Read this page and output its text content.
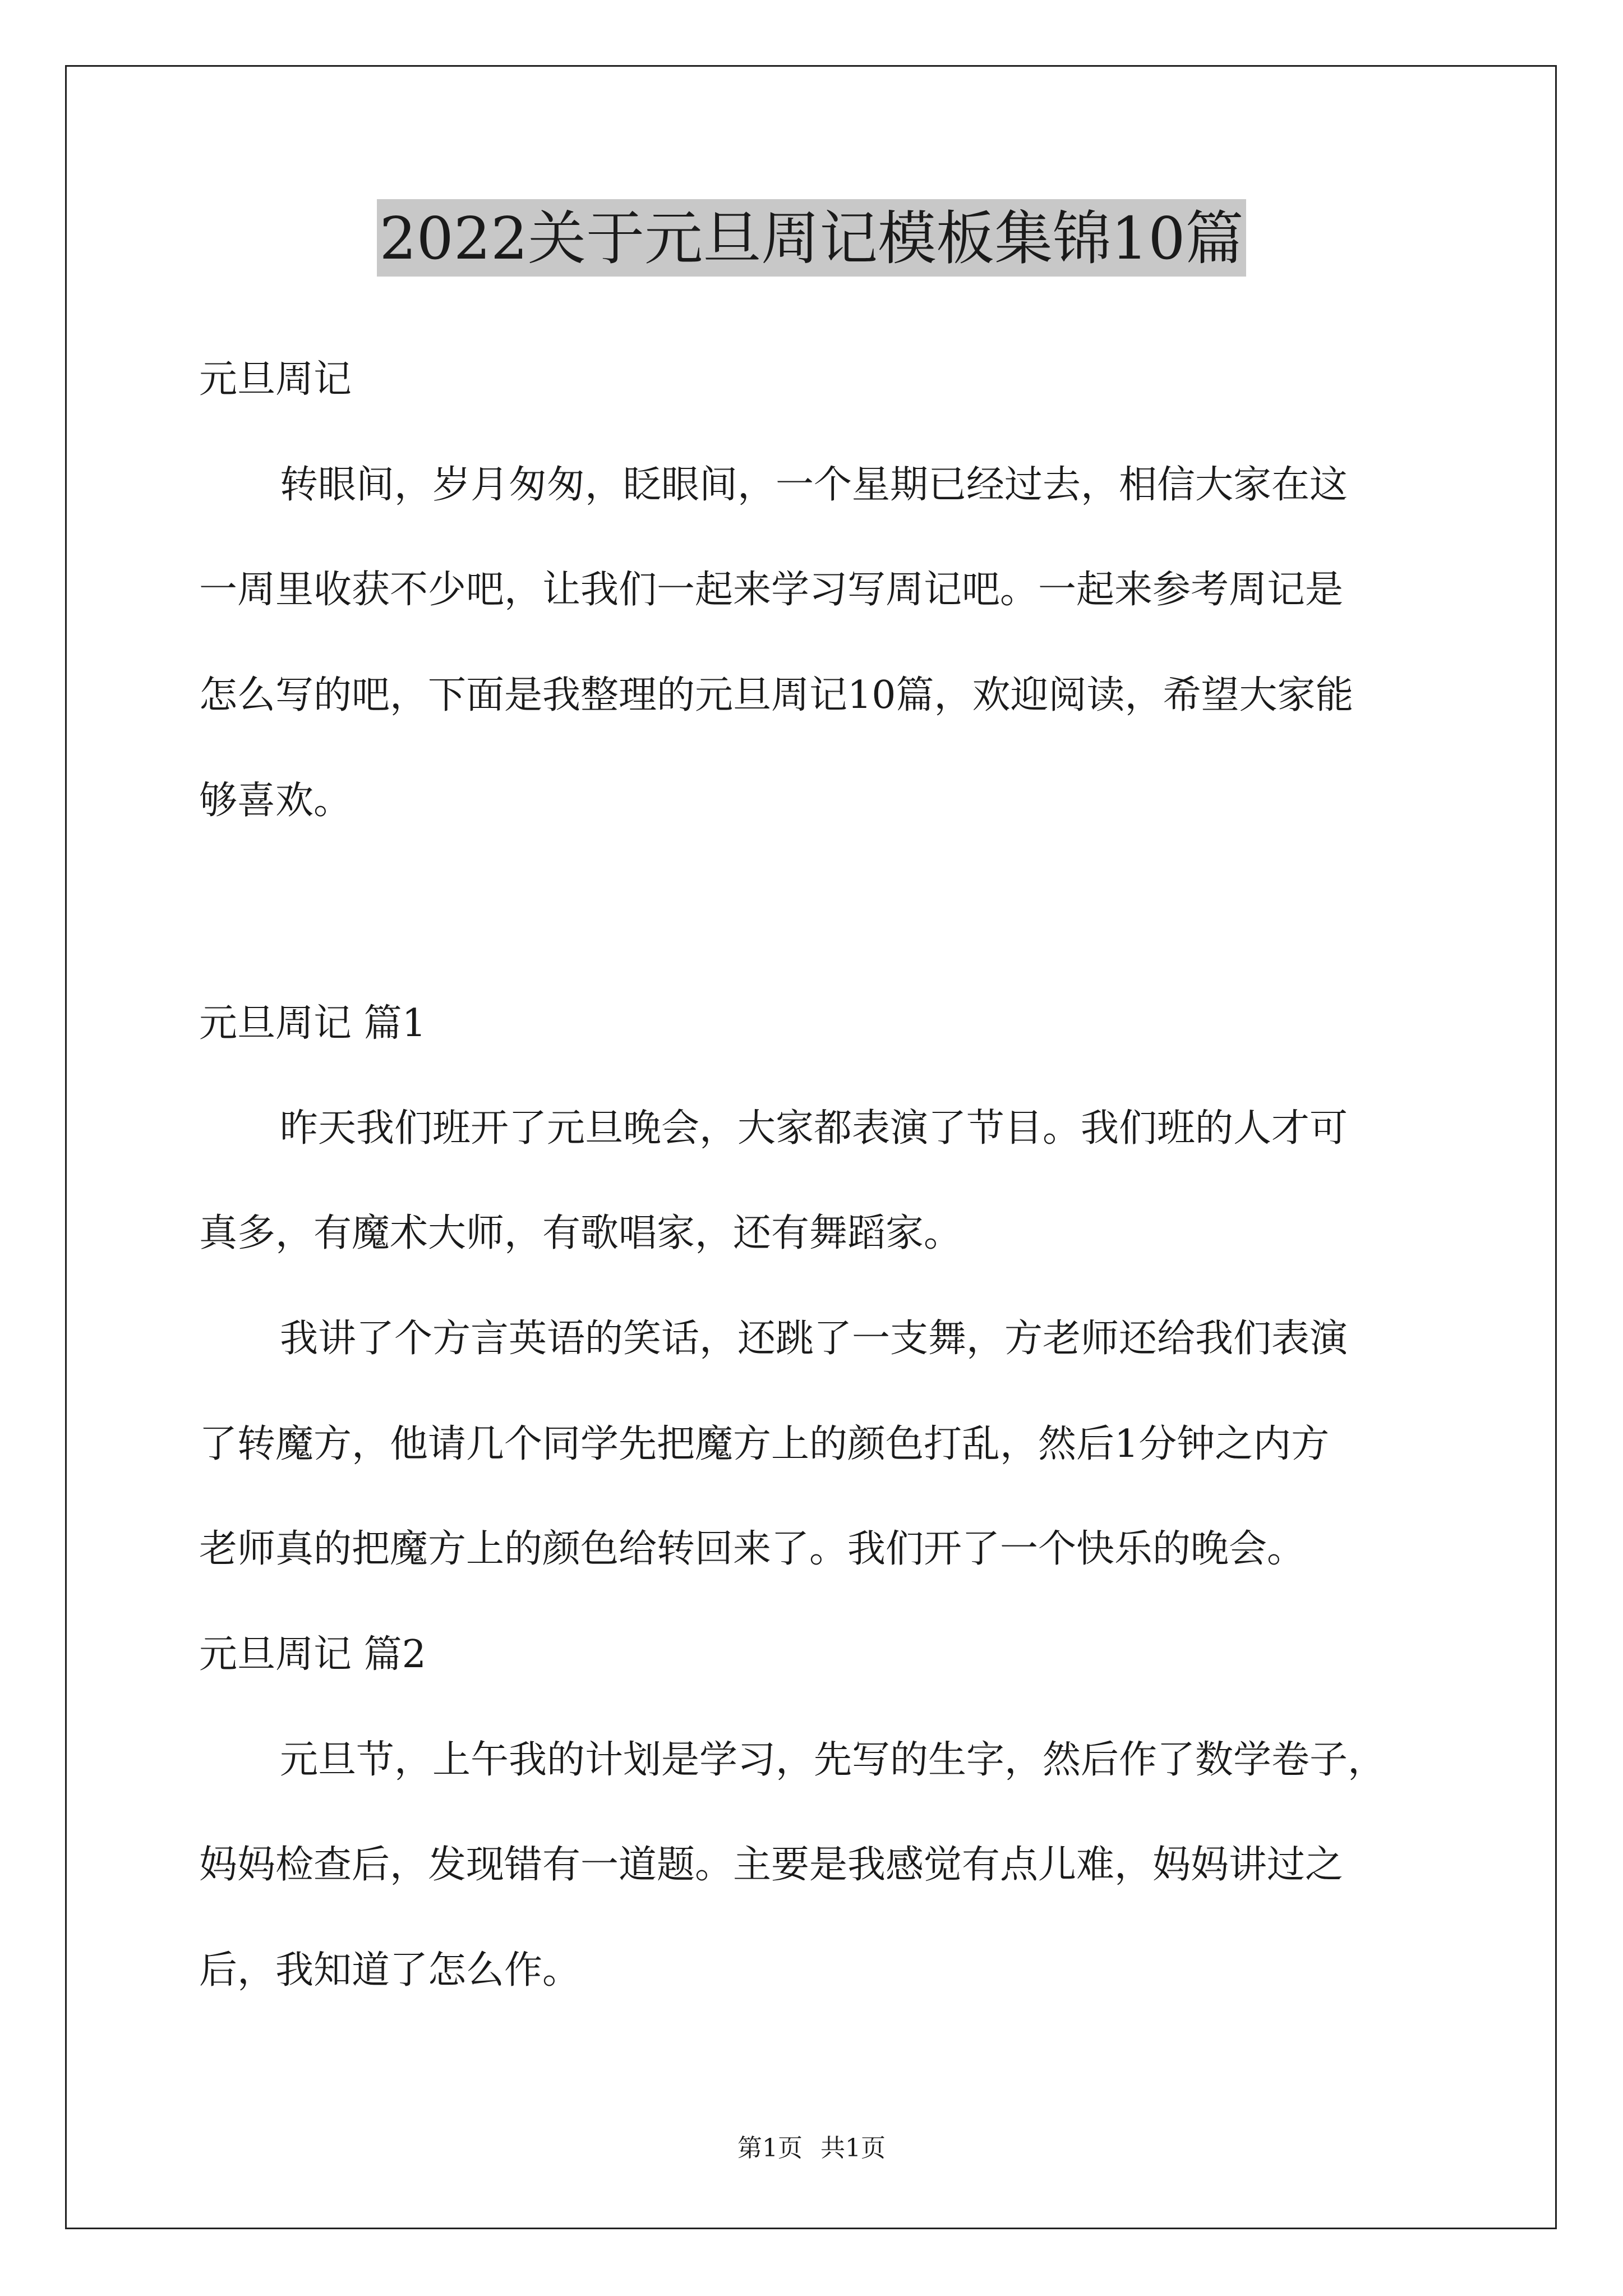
2022关于元旦周记模板集锦10篇
元旦周记
转眼间，岁月匆匆，眨眼间，一个星期已经过去，相信大家在这
一周里收获不少吧，让我们一起来学习写周记吧。一起来参考周记是
怎么写的吧，下面是我整理的元旦周记10篇，欢迎阅读，希望大家能
够喜欢。
元旦周记 篇1
昨天我们班开了元旦晚会，大家都表演了节目。我们班的人才可
真多，有魔术大师，有歌唱家，还有舞蹈家。
我讲了个方言英语的笑话，还跳了一支舞，方老师还给我们表演
了转魔方，他请几个同学先把魔方上的颜色打乱，然后1分钟之内方
老师真的把魔方上的颜色给转回来了。我们开了一个快乐的晚会。
元旦周记 篇2
元旦节，上午我的计划是学习，先写的生字，然后作了数学卷子，
妈妈检查后，发现错有一道题。主要是我感觉有点儿难，妈妈讲过之
后，我知道了怎么作。
第1页 共1页
